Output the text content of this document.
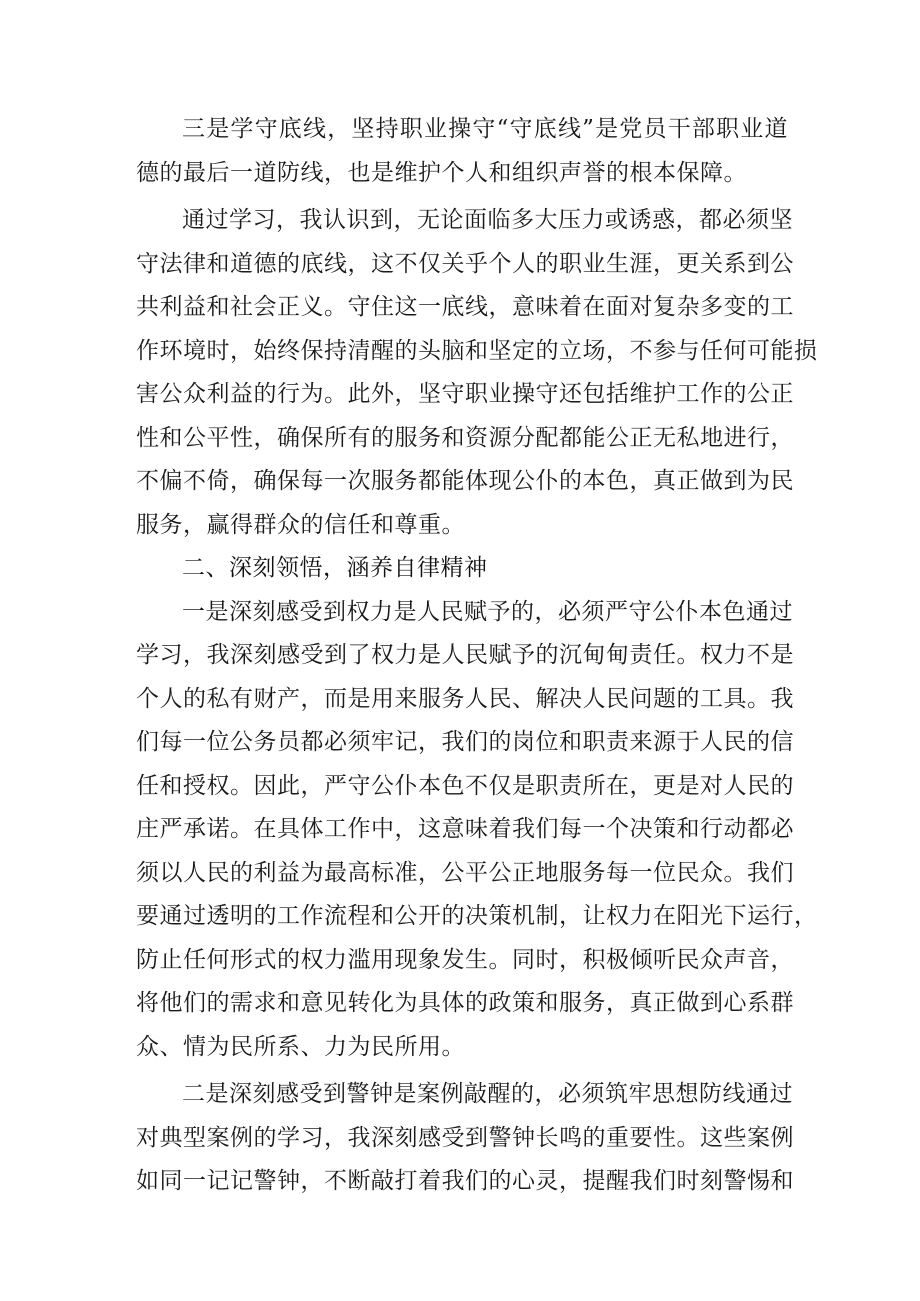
三是学守底线，坚持职业操守“守底线”是党员干部职业道
德的最后一道防线，也是维护个人和组织声誉的根本保障。
通过学习，我认识到，无论面临多大压力或诱惑，都必须坚
守法律和道德的底线，这不仅关乎个人的职业生涯，更关系到公
共利益和社会正义。守住这一底线，意味着在面对复杂多变的工
作环境时，始终保持清醒的头脑和坚定的立场，不参与任何可能损
害公众利益的行为。此外，坚守职业操守还包括维护工作的公正
性和公平性，确保所有的服务和资源分配都能公正无私地进行，
不偏不倚，确保每一次服务都能体现公仆的本色，真正做到为民
服务，赢得群众的信任和尊重。
二、深刻领悟，涵养自律精神
一是深刻感受到权力是人民赋予的，必须严守公仆本色通过
学习，我深刻感受到了权力是人民赋予的沉甸甸责任。权力不是
个人的私有财产，而是用来服务人民、解决人民问题的工具。我
们每一位公务员都必须牢记，我们的岗位和职责来源于人民的信
任和授权。因此，严守公仆本色不仅是职责所在，更是对人民的
庄严承诺。在具体工作中，这意味着我们每一个决策和行动都必
须以人民的利益为最高标准，公平公正地服务每一位民众。我们
要通过透明的工作流程和公开的决策机制，让权力在阳光下运行，
防止任何形式的权力滥用现象发生。同时，积极倾听民众声音，
将他们的需求和意见转化为具体的政策和服务，真正做到心系群
众、情为民所系、力为民所用。
二是深刻感受到警钟是案例敲醒的，必须筑牢思想防线通过
对典型案例的学习，我深刻感受到警钟长鸣的重要性。这些案例
如同一记记警钟，不断敲打着我们的心灵，提醒我们时刻警惕和
